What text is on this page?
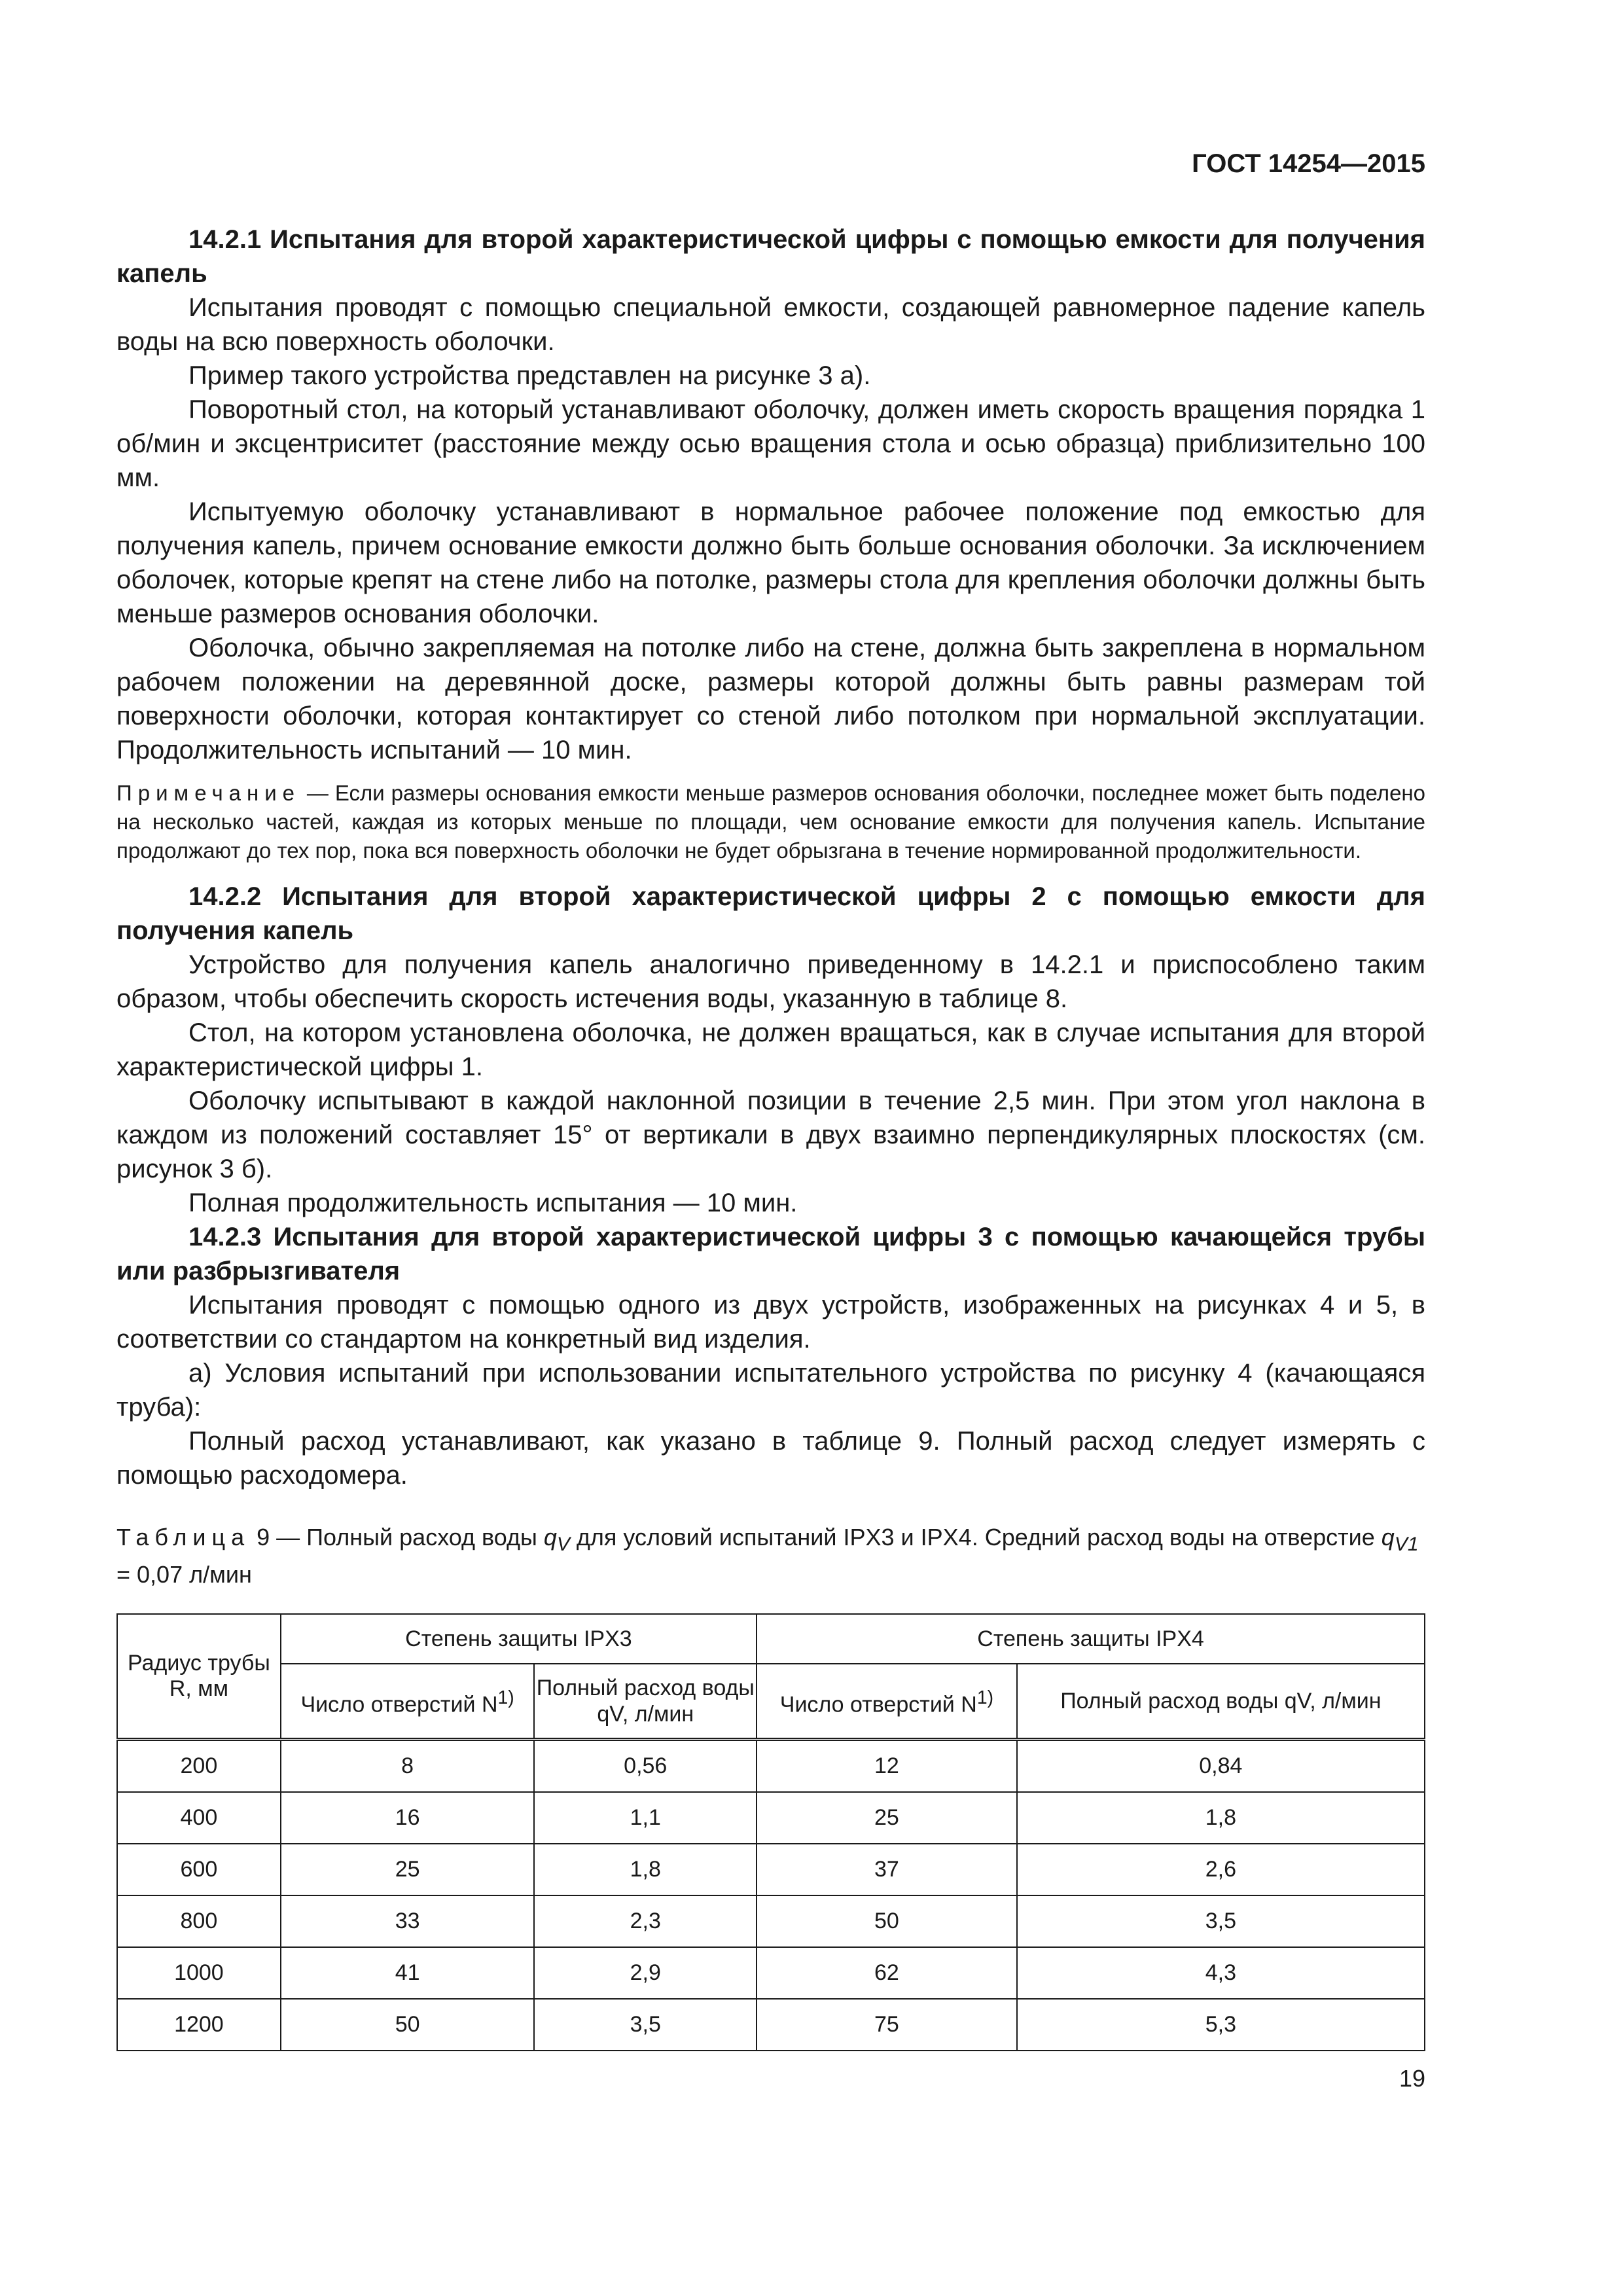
ГОСТ 14254—2015

14.2.1 Испытания для второй характеристической цифры с помощью емкости для получения капель

Испытания проводят с помощью специальной емкости, создающей равномерное падение капель воды на всю поверхность оболочки.

Пример такого устройства представлен на рисунке 3 а).

Поворотный стол, на который устанавливают оболочку, должен иметь скорость вращения порядка 1 об/мин и эксцентриситет (расстояние между осью вращения стола и осью образца) приблизительно 100 мм.

Испытуемую оболочку устанавливают в нормальное рабочее положение под емкостью для получения капель, причем основание емкости должно быть больше основания оболочки. За исключением оболочек, которые крепят на стене либо на потолке, размеры стола для крепления оболочки должны быть меньше размеров основания оболочки.

Оболочка, обычно закрепляемая на потолке либо на стене, должна быть закреплена в нормальном рабочем положении на деревянной доске, размеры которой должны быть равны размерам той поверхности оболочки, которая контактирует со стеной либо потолком при нормальной эксплуатации. Продолжительность испытаний — 10 мин.

Примечание — Если размеры основания емкости меньше размеров основания оболочки, последнее может быть поделено на несколько частей, каждая из которых меньше по площади, чем основание емкости для получения капель. Испытание продолжают до тех пор, пока вся поверхность оболочки не будет обрызгана в течение нормированной продолжительности.

14.2.2 Испытания для второй характеристической цифры 2 с помощью емкости для получения капель

Устройство для получения капель аналогично приведенному в 14.2.1 и приспособлено таким образом, чтобы обеспечить скорость истечения воды, указанную в таблице 8.

Стол, на котором установлена оболочка, не должен вращаться, как в случае испытания для второй характеристической цифры 1.

Оболочку испытывают в каждой наклонной позиции в течение 2,5 мин. При этом угол наклона в каждом из положений составляет 15° от вертикали в двух взаимно перпендикулярных плоскостях (см. рисунок 3 б).

Полная продолжительность испытания — 10 мин.

14.2.3 Испытания для второй характеристической цифры 3 с помощью качающейся трубы или разбрызгивателя

Испытания проводят с помощью одного из двух устройств, изображенных на рисунках 4 и 5, в соответствии со стандартом на конкретный вид изделия.

а) Условия испытаний при использовании испытательного устройства по рисунку 4 (качающаяся труба):

Полный расход устанавливают, как указано в таблице 9. Полный расход следует измерять с помощью расходомера.

Таблица 9 — Полный расход воды $q_V$ для условий испытаний IPX3 и IPX4. Средний расход воды на отверстие $q_{V1} = 0,07$ л/мин
Радиус трубы R, мм	Степень защиты IPX3		Степень защиты IPX4	
	Число отверстий $N^{1)}$	Полный расход воды qV, л/мин	Число отверстий $N^{1)}$	Полный расход воды qV, л/мин
200	8	0,56	12	0,84
400	16	1,1	25	1,8
600	25	1,8	37	2,6
800	33	2,3	50	3,5
1000	41	2,9	62	4,3
1200	50	3,5	75	5,3
19
